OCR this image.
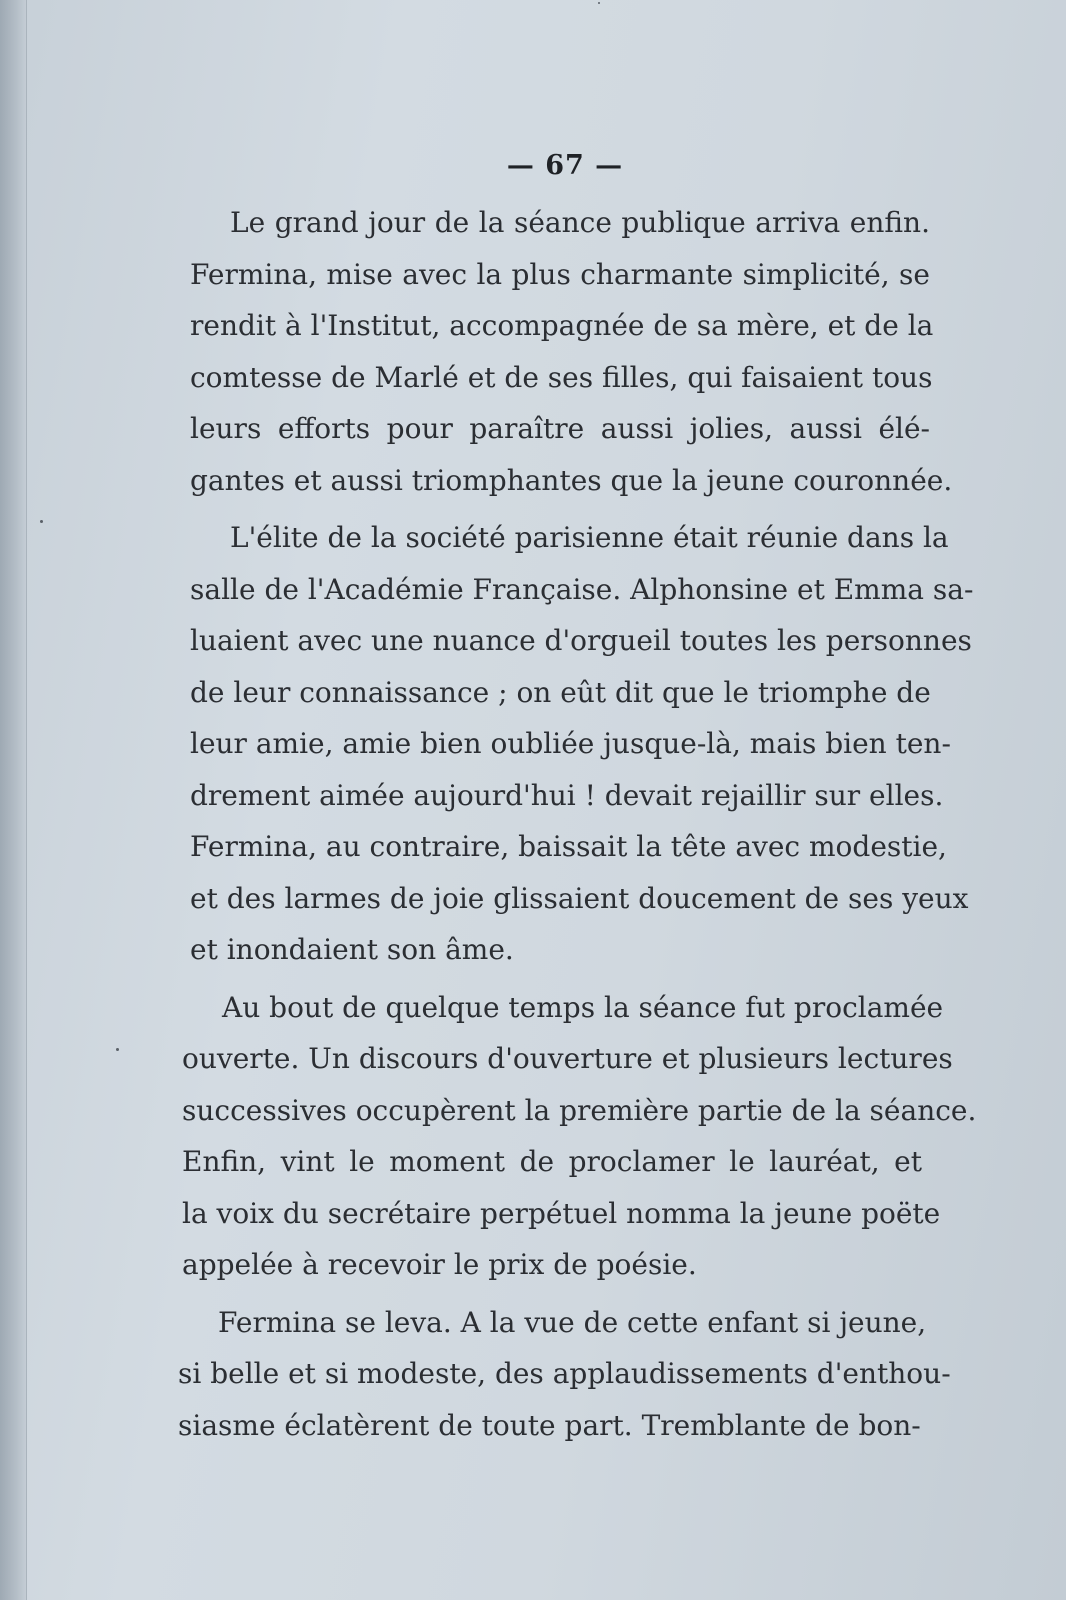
— 67 —
Le grand jour de la séance publique arriva enfin.
Fermina, mise avec la plus charmante simplicité, se
rendit à l'Institut, accompagnée de sa mère, et de la
comtesse de Marlé et de ses filles, qui faisaient tous
leurs efforts pour paraître aussi jolies, aussi élé-
gantes et aussi triomphantes que la jeune couronnée.
L'élite de la société parisienne était réunie dans la
salle de l'Académie Française. Alphonsine et Emma sa-
luaient avec une nuance d'orgueil toutes les personnes
de leur connaissance ; on eût dit que le triomphe de
leur amie, amie bien oubliée jusque-là, mais bien ten-
drement aimée aujourd'hui ! devait rejaillir sur elles.
Fermina, au contraire, baissait la tête avec modestie,
et des larmes de joie glissaient doucement de ses yeux
et inondaient son âme.
Au bout de quelque temps la séance fut proclamée
ouverte. Un discours d'ouverture et plusieurs lectures
successives occupèrent la première partie de la séance.
Enfin, vint le moment de proclamer le lauréat, et
la voix du secrétaire perpétuel nomma la jeune poëte
appelée à recevoir le prix de poésie.
Fermina se leva. A la vue de cette enfant si jeune,
si belle et si modeste, des applaudissements d'enthou-
siasme éclatèrent de toute part. Tremblante de bon-
